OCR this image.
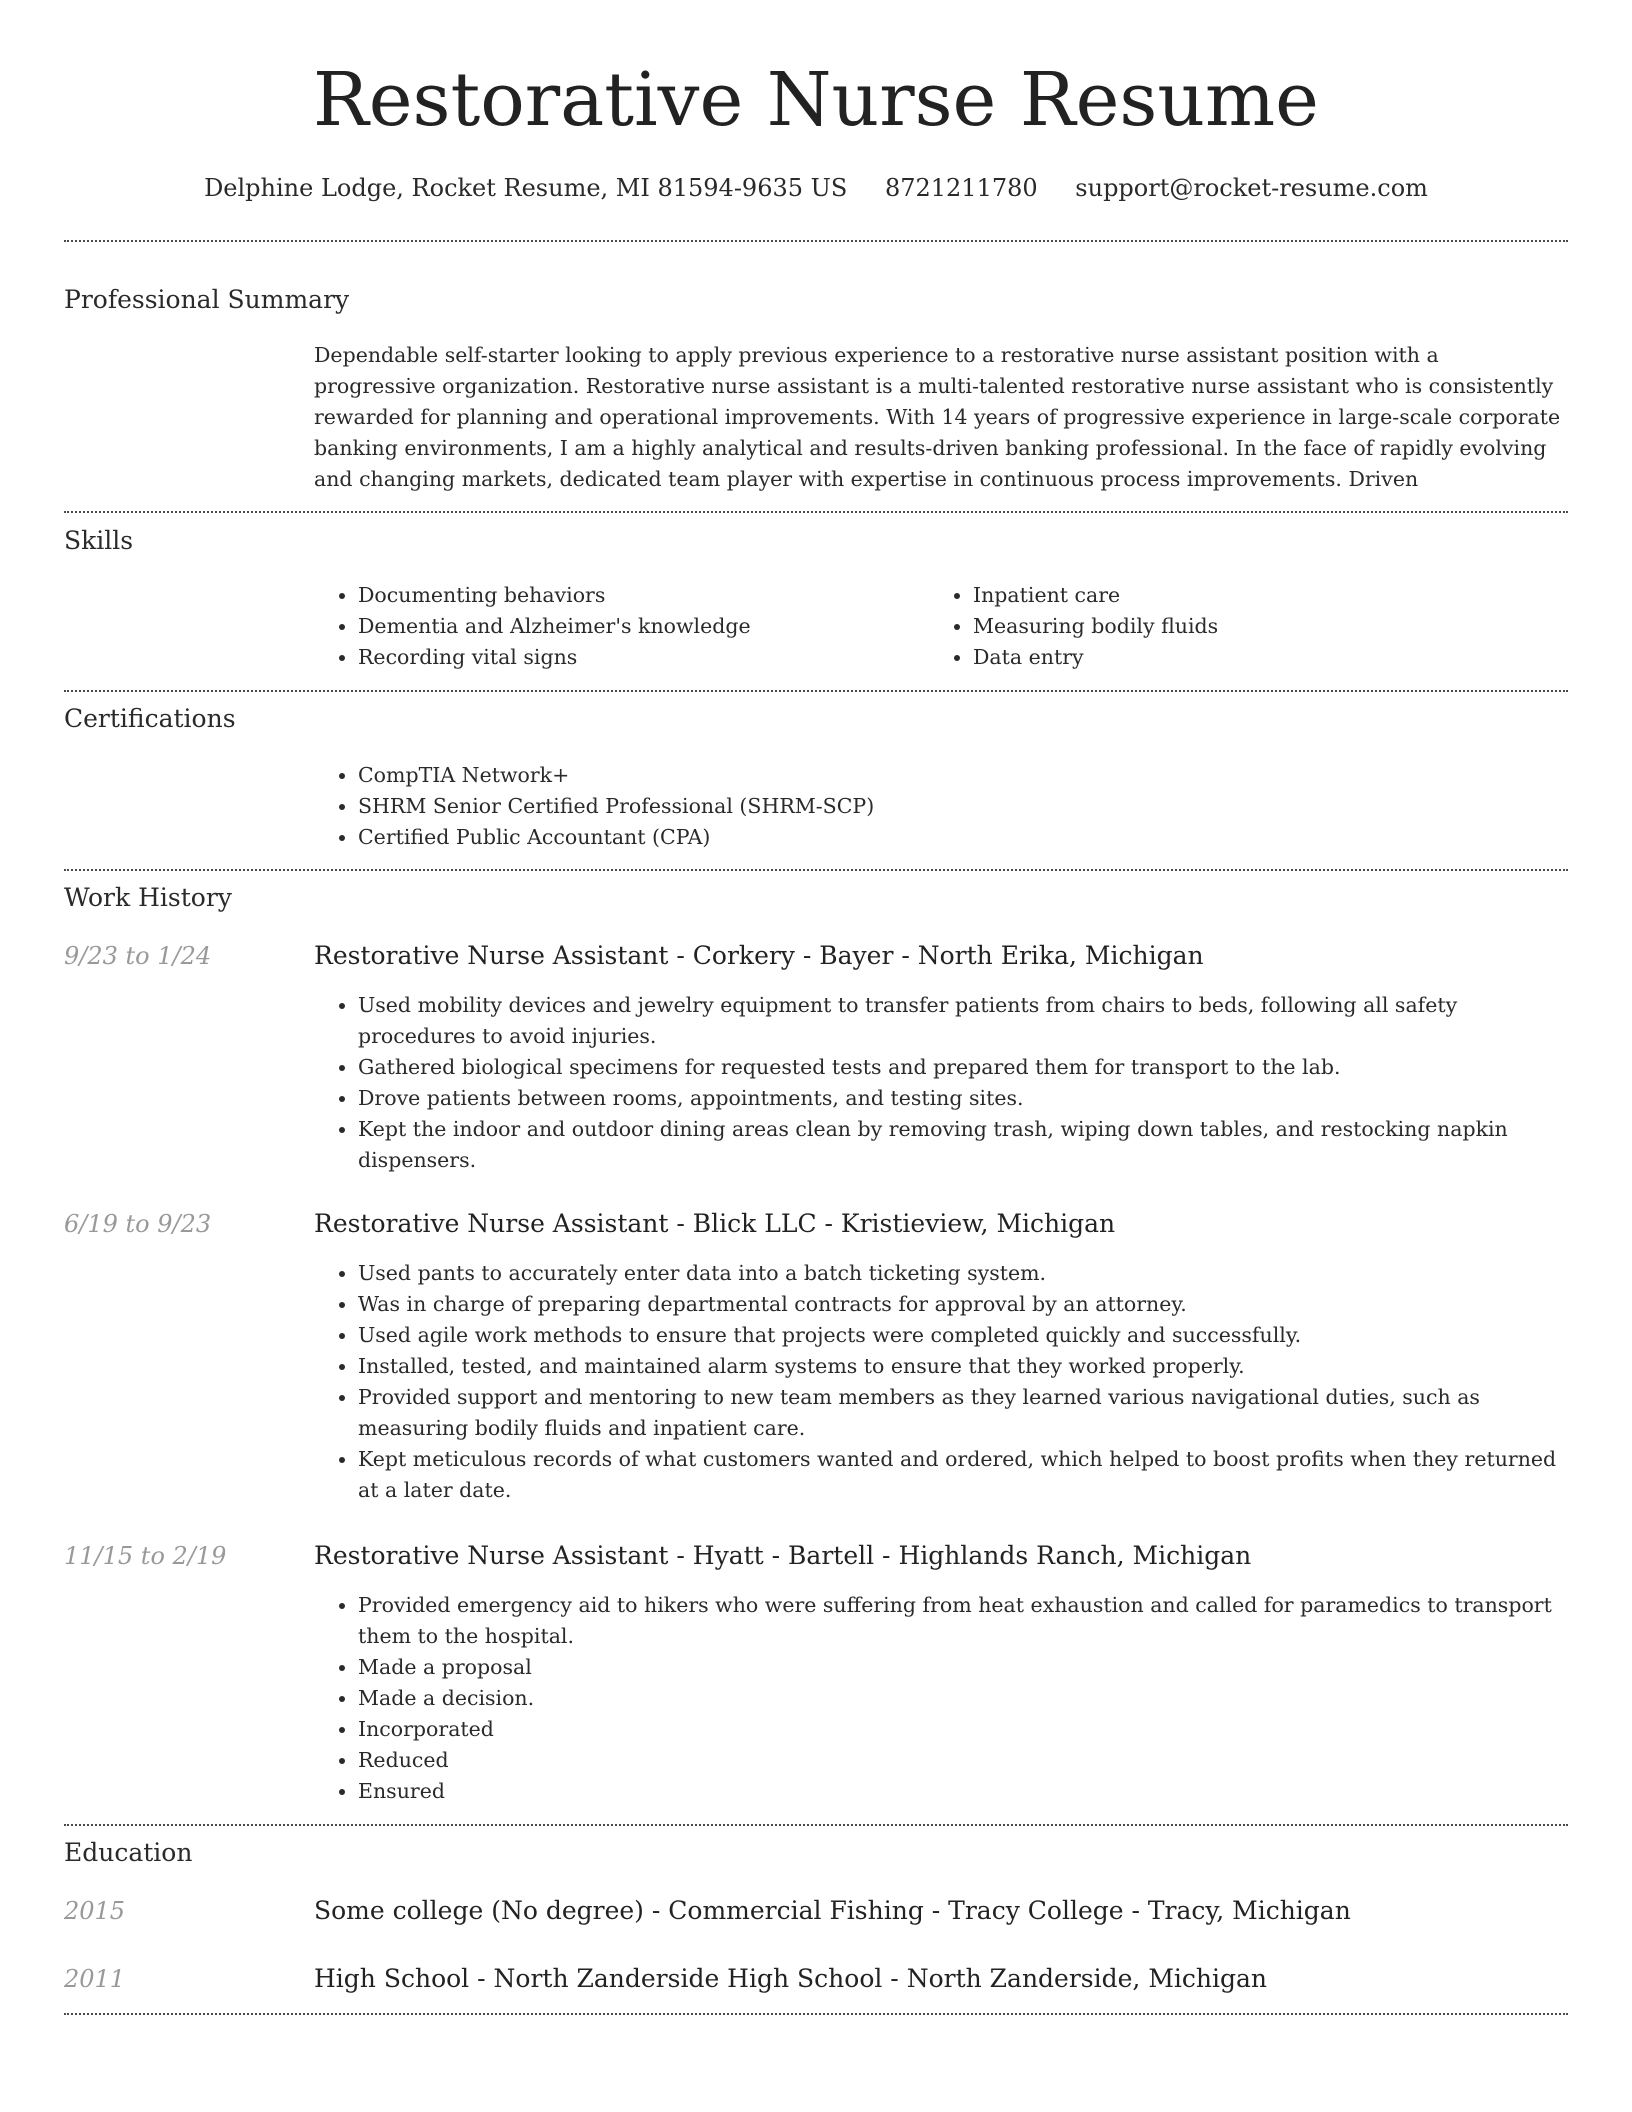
Restorative Nurse Resume
Delphine Lodge, Rocket Resume, MI 81594-9635 US 8721211780 support@rocket-resume.com
Professional Summary

Dependable self-starter looking to apply previous experience to a restorative nurse assistant position with a progressive organization. Restorative nurse assistant is a multi-talented restorative nurse assistant who is consistently rewarded for planning and operational improvements. With 14 years of progressive experience in large-scale corporate banking environments, I am a highly analytical and results-driven banking professional. In the face of rapidly evolving and changing markets, dedicated team player with expertise in continuous process improvements. Driven

Skills
• Documenting behaviors
• Dementia and Alzheimer's knowledge
• Recording vital signs
• Inpatient care
• Measuring bodily fluids
• Data entry
Certifications
• CompTIA Network+
• SHRM Senior Certified Professional (SHRM-SCP)
• Certified Public Accountant (CPA)
Work History
9/23 to 1/24	Restorative Nurse Assistant - Corkery - Bayer - North Erika, Michigan
• Used mobility devices and jewelry equipment to transfer patients from chairs to beds, following all safety procedures to avoid injuries.
• Gathered biological specimens for requested tests and prepared them for transport to the lab.
• Drove patients between rooms, appointments, and testing sites.
• Kept the indoor and outdoor dining areas clean by removing trash, wiping down tables, and restocking napkin dispensers.
6/19 to 9/23	Restorative Nurse Assistant - Blick LLC - Kristieview, Michigan
• Used pants to accurately enter data into a batch ticketing system.
• Was in charge of preparing departmental contracts for approval by an attorney.
• Used agile work methods to ensure that projects were completed quickly and successfully.
• Installed, tested, and maintained alarm systems to ensure that they worked properly.
• Provided support and mentoring to new team members as they learned various navigational duties, such as measuring bodily fluids and inpatient care.
• Kept meticulous records of what customers wanted and ordered, which helped to boost profits when they returned at a later date.
11/15 to 2/19	Restorative Nurse Assistant - Hyatt - Bartell - Highlands Ranch, Michigan
• Provided emergency aid to hikers who were suffering from heat exhaustion and called for paramedics to transport them to the hospital.
• Made a proposal
• Made a decision.
• Incorporated
• Reduced
• Ensured
Education
2015	Some college (No degree) - Commercial Fishing - Tracy College - Tracy, Michigan
2011	High School - North Zanderside High School - North Zanderside, Michigan
